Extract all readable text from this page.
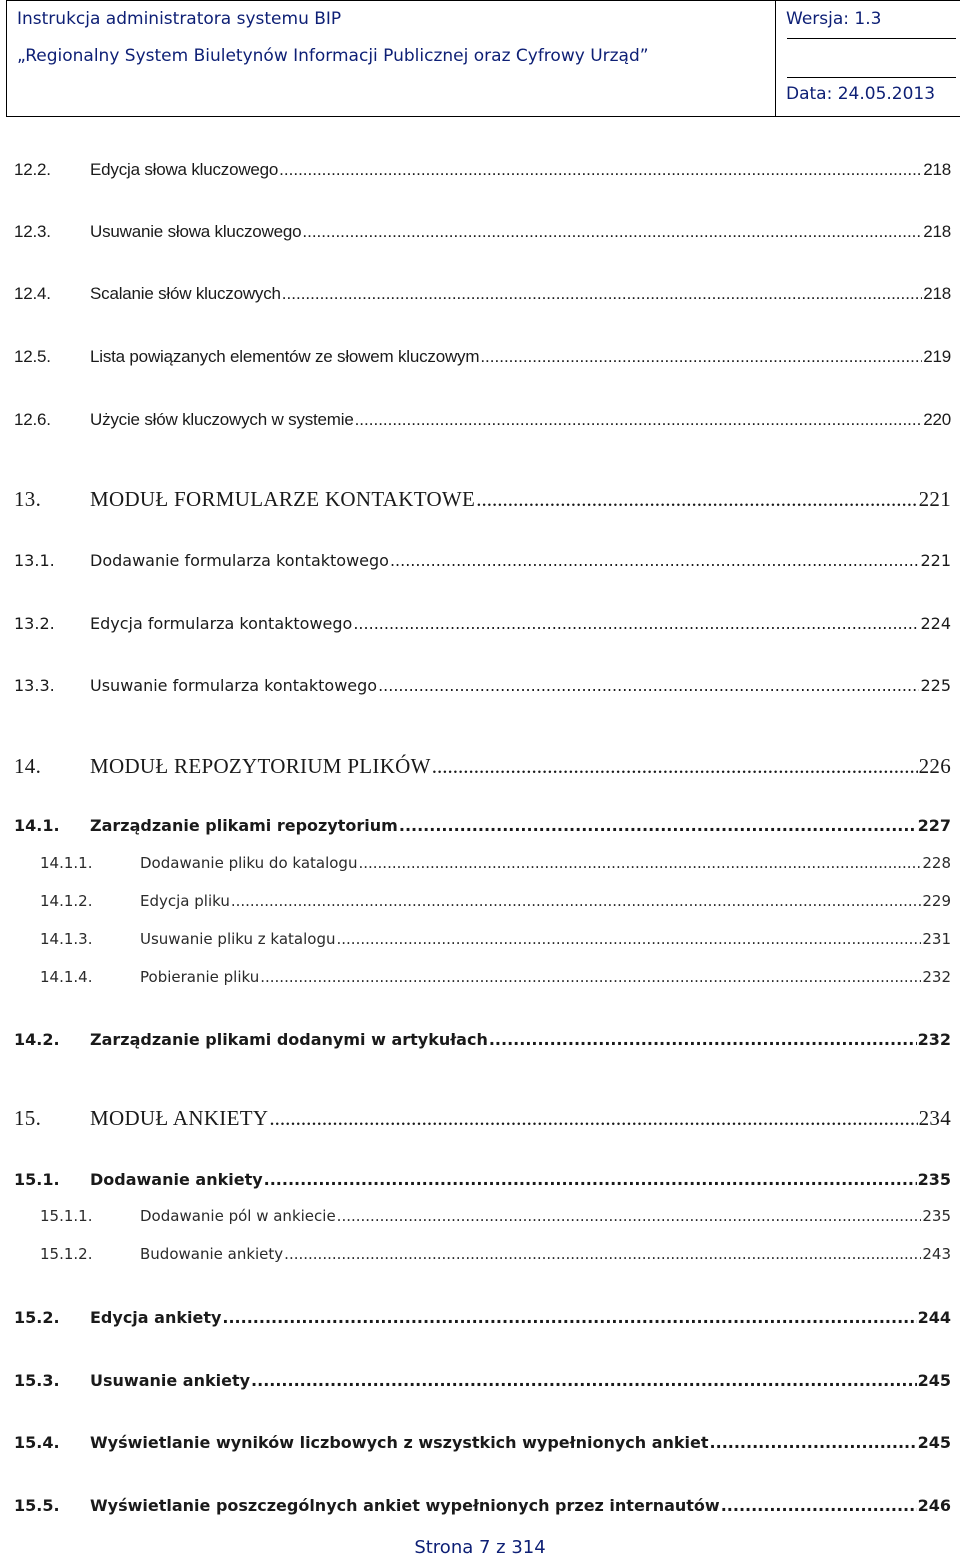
Instrukcja administratora systemu BIP
„Regionalny System Biuletynów Informacji Publicznej oraz Cyfrowy Urząd”

Wersja: 1.3
Data: 24.05.2013
12.2. Edycja słowa kluczowego .....	218
12.3. Usuwanie słowa kluczowego .....	218
12.4. Scalanie słów kluczowych .....	218
12.5. Lista powiązanych elementów ze słowem kluczowym .....	219
12.6. Użycie słów kluczowych w systemie .....	220
13. MODUŁ FORMULARZE KONTAKTOWE .....	221
13.1. Dodawanie formularza kontaktowego .....	221
13.2. Edycja formularza kontaktowego .....	224
13.3. Usuwanie formularza kontaktowego .....	225
14. MODUŁ REPOZYTORIUM PLIKÓW .....	226
14.1. Zarządzanie plikami repozytorium .....	227
14.1.1.	Dodawanie pliku do katalogu .....	228
14.1.2.	Edycja pliku .....	229
14.1.3.	Usuwanie pliku z katalogu .....	231
14.1.4.	Pobieranie pliku .....	232
14.2. Zarządzanie plikami dodanymi w artykułach .....	232
15. MODUŁ ANKIETY .....	234
15.1. Dodawanie ankiety .....	235
15.1.1.	Dodawanie pól w ankiecie .....	235
15.1.2.	Budowanie ankiety .....	243
15.2. Edycja ankiety .....	244
15.3. Usuwanie ankiety .....	245
15.4. Wyświetlanie wyników liczbowych z wszystkich wypełnionych ankiet .....	245
15.5. Wyświetlanie poszczególnych ankiet wypełnionych przez internautów .....	246
Strona 7 z 314
